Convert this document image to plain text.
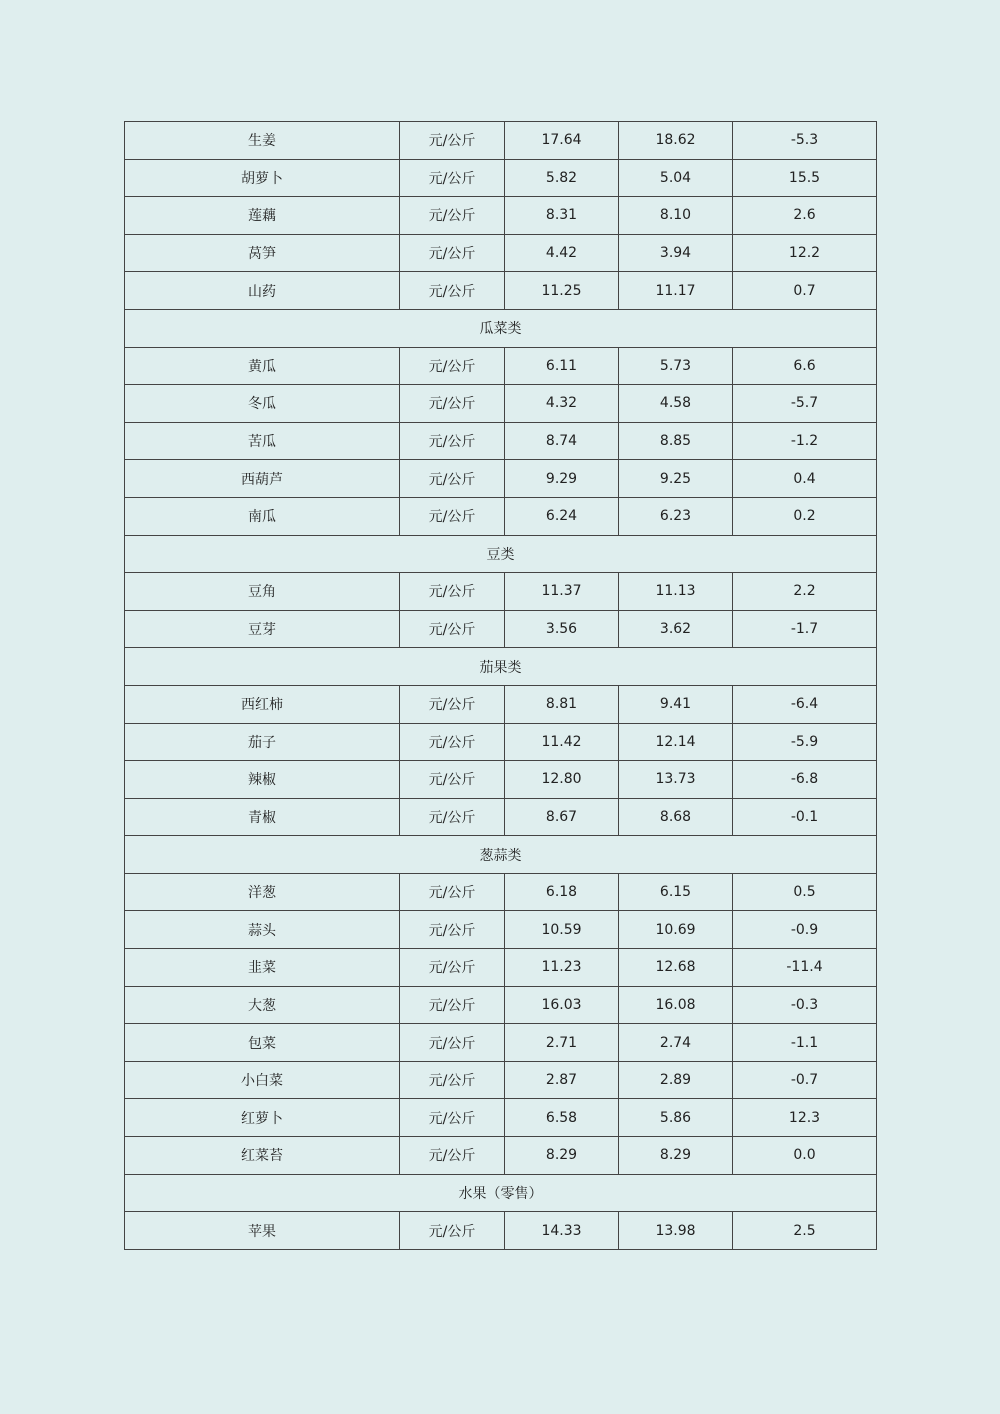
生姜	元/公斤	17.64	18.62	-5.3
胡萝卜	元/公斤	5.82	5.04	15.5
莲藕	元/公斤	8.31	8.10	2.6
莴笋	元/公斤	4.42	3.94	12.2
山药	元/公斤	11.25	11.17	0.7
瓜菜类				
黄瓜	元/公斤	6.11	5.73	6.6
冬瓜	元/公斤	4.32	4.58	-5.7
苦瓜	元/公斤	8.74	8.85	-1.2
西葫芦	元/公斤	9.29	9.25	0.4
南瓜	元/公斤	6.24	6.23	0.2
豆类				
豆角	元/公斤	11.37	11.13	2.2
豆芽	元/公斤	3.56	3.62	-1.7
茄果类				
西红柿	元/公斤	8.81	9.41	-6.4
茄子	元/公斤	11.42	12.14	-5.9
辣椒	元/公斤	12.80	13.73	-6.8
青椒	元/公斤	8.67	8.68	-0.1
葱蒜类				
洋葱	元/公斤	6.18	6.15	0.5
蒜头	元/公斤	10.59	10.69	-0.9
韭菜	元/公斤	11.23	12.68	-11.4
大葱	元/公斤	16.03	16.08	-0.3
包菜	元/公斤	2.71	2.74	-1.1
小白菜	元/公斤	2.87	2.89	-0.7
红萝卜	元/公斤	6.58	5.86	12.3
红菜苔	元/公斤	8.29	8.29	0.0
水果（零售）				
苹果	元/公斤	14.33	13.98	2.5
